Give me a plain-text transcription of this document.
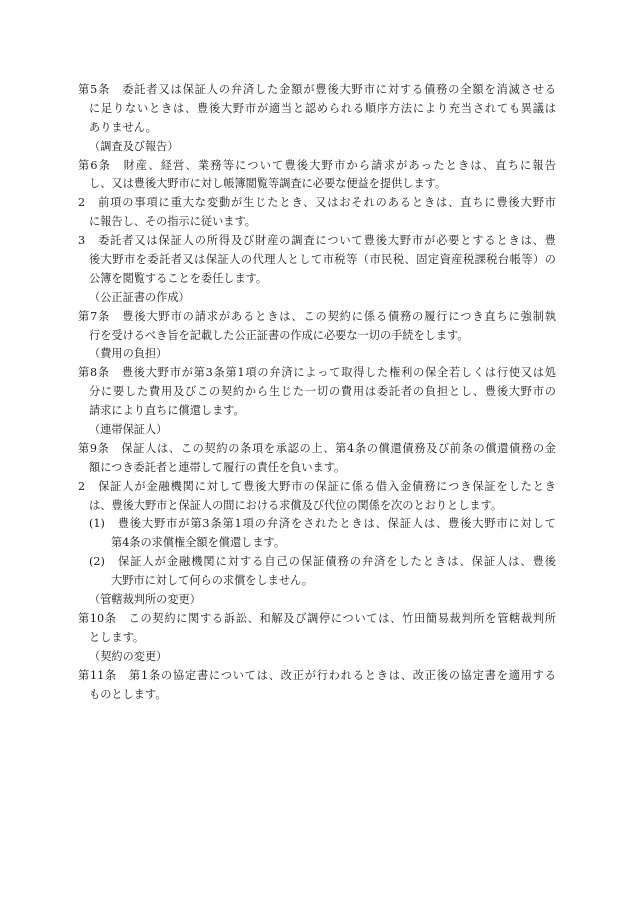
第5条　委託者又は保証人の弁済した金額が豊後大野市に対する債務の全額を消滅させる
に足りないときは、豊後大野市が適当と認められる順序方法により充当されても異議は
ありません。
（調査及び報告）
第6条　財産、経営、業務等について豊後大野市から請求があったときは、直ちに報告
し、又は豊後大野市に対し帳簿閲覧等調査に必要な便益を提供します。
2　前項の事項に重大な変動が生じたとき、又はおそれのあるときは、直ちに豊後大野市
に報告し、その指示に従います。
3　委託者又は保証人の所得及び財産の調査について豊後大野市が必要とするときは、豊
後大野市を委託者又は保証人の代理人として市税等（市民税、固定資産税課税台帳等）の
公簿を閲覧することを委任します。
（公正証書の作成）
第7条　豊後大野市の請求があるときは、この契約に係る債務の履行につき直ちに強制執
行を受けるべき旨を記載した公正証書の作成に必要な一切の手続をします。
（費用の負担）
第8条　豊後大野市が第3条第1項の弁済によって取得した権利の保全若しくは行使又は処
分に要した費用及びこの契約から生じた一切の費用は委託者の負担とし、豊後大野市の
請求により直ちに償還します。
（連帯保証人）
第9条　保証人は、この契約の条項を承認の上、第4条の償還債務及び前条の償還債務の金
額につき委託者と連帯して履行の責任を負います。
2　保証人が金融機関に対して豊後大野市の保証に係る借入金債務につき保証をしたとき
は、豊後大野市と保証人の間における求償及び代位の関係を次のとおりとします。
(1)　豊後大野市が第3条第1項の弁済をされたときは、保証人は、豊後大野市に対して
第4条の求償権全額を償還します。
(2)　保証人が金融機関に対する自己の保証債務の弁済をしたときは、保証人は、豊後
大野市に対して何らの求償をしません。
（管轄裁判所の変更）
第10条　この契約に関する訴訟、和解及び調停については、竹田簡易裁判所を管轄裁判所
とします。
（契約の変更）
第11条　第1条の協定書については、改正が行われるときは、改正後の協定書を適用する
ものとします。
